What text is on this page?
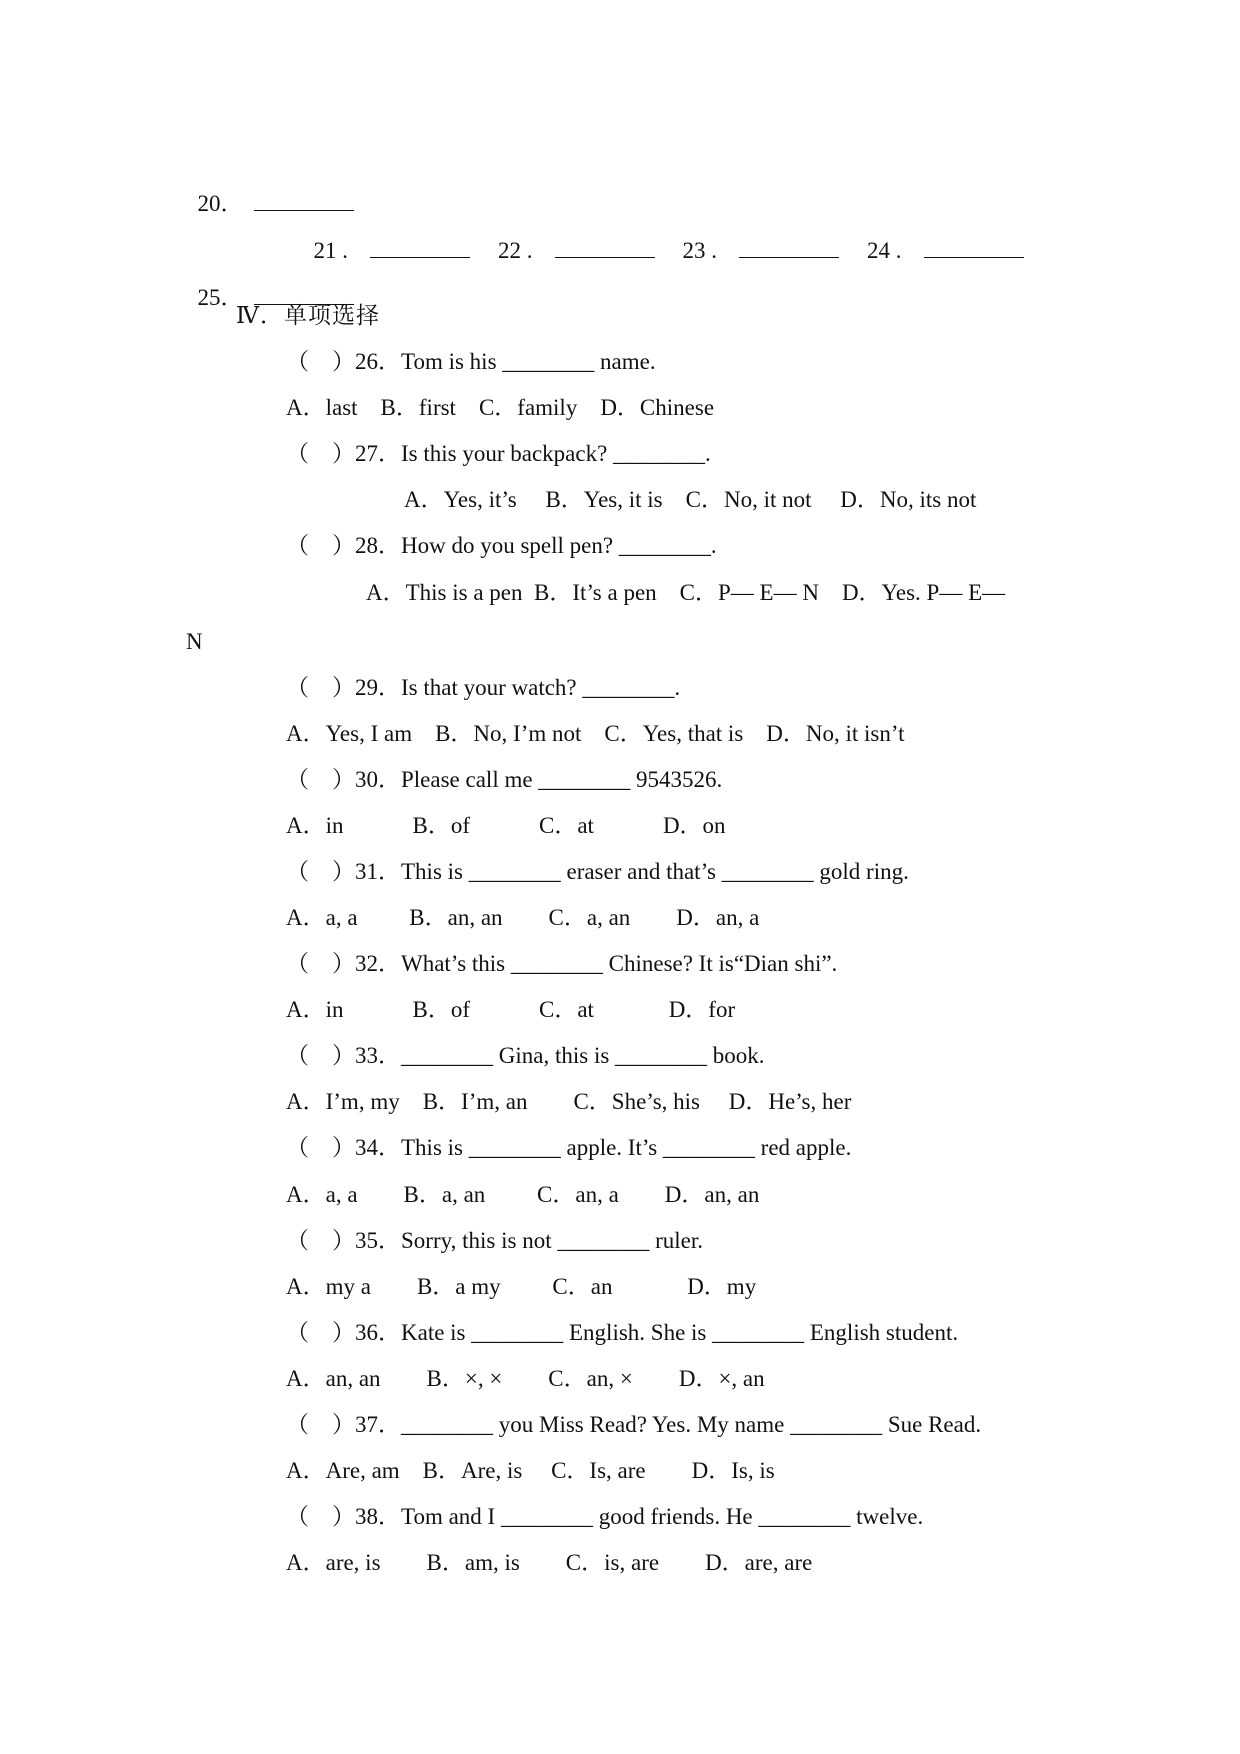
20．

21 .	22 .	23 .	24 .

25．

Ⅳ．单项选择
（　）26．Tom is his ________ name.
A．last　B．first　C．family　D．Chinese
（　）27．Is this your backpack? ________.
A．Yes, it’s　 B．Yes, it is　C．No, it not　 D．No, its not
（　）28．How do you spell pen? ________.
A．This is a pen  B．It’s a pen　C．P— E— N　D．Yes. P— E—
N
（　）29．Is that your watch? ________.
A．Yes, I am　B．No, I’m not　C．Yes, that is　D．No, it isn’t
（　）30．Please call me ________ 9543526.
A．in　　　B．of　　　C．at　　　D．on
（　）31．This is ________ eraser and that’s ________ gold ring.
A．a, a　　 B．an, an　　C．a, an　　D．an, a
（　）32．What’s this ________ Chinese? It is“Dian shi”.
A．in　　　B．of　　　C．at　　　 D．for
（　）33．________ Gina, this is ________ book.
A．I’m, my　B．I’m, an　　C．She’s, his　 D．He’s, her
（　）34．This is ________ apple. It’s ________ red apple.
A．a, a　　B．a, an　　 C．an, a　　D．an, an
（　）35．Sorry, this is not ________ ruler.
A．my a　　B．a my　　 C．an　　　 D．my
（　）36．Kate is ________ English. She is ________ English student.
A．an, an　　B．×, ×　　C．an, ×　　D．×, an
（　）37．________ you Miss Read? Yes. My name ________ Sue Read.
A．Are, am　B．Are, is　 C．Is, are　　D．Is, is
（　）38．Tom and I ________ good friends. He ________ twelve.
A．are, is　　B．am, is　　C．is, are　　D．are, are
